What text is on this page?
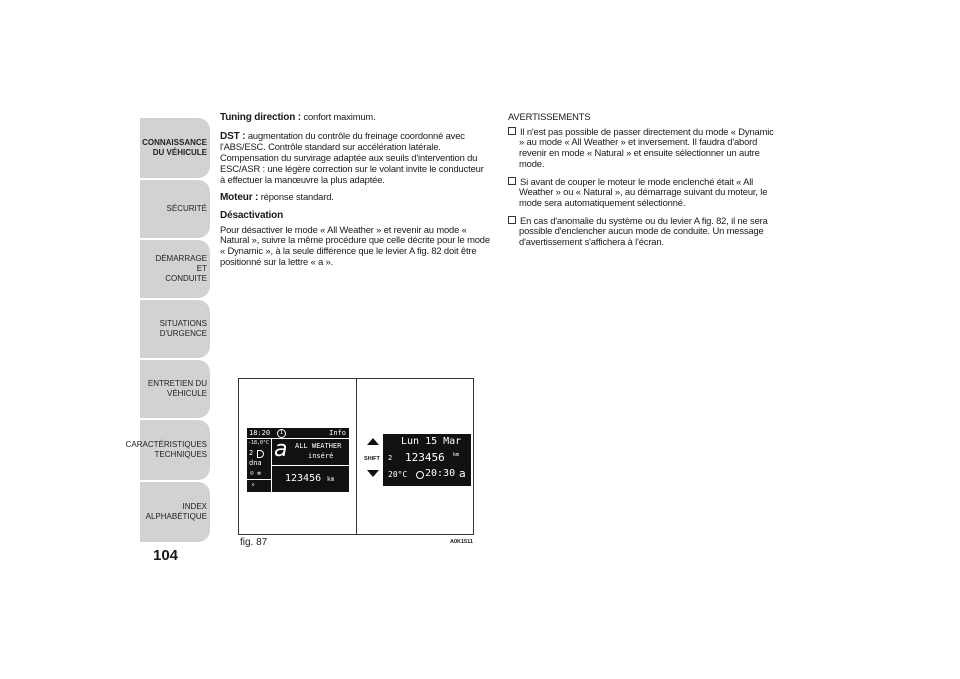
CONNAISSANCE
DU VÉHICULE
SÉCURITÉ
DÉMARRAGE ET
CONDUITE
SITUATIONS
D'URGENCE
ENTRETIEN DU
VÉHICULE
CARACTÉRISTIQUES
TECHNIQUES
INDEX
ALPHABÉTIQUE
104

Tuning direction : confort maximum.

DST : augmentation du contrôle du freinage coordonné avec l'ABS/ESC. Contrôle standard sur accélération latérale. Compensation du survirage adaptée aux seuils d'intervention du ESC/ASR : une légère correction sur le volant invite le conducteur à effectuer la manœuvre la plus adaptée.

Moteur : réponse standard.

Désactivation

Pour désactiver le mode « All Weather » et revenir au mode « Natural », suivre la même procédure que celle décrite pour le mode « Dynamic », à la seule différence que le levier A fig. 82 doit être positionné sur la lettre « a ».

AVERTISSEMENTS

Il n'est pas possible de passer directement du mode « Dynamic » au mode « All Weather » et inversement. Il faudra d'abord revenir en mode « Natural » et ensuite sélectionner un autre mode.

Si avant de couper le moteur le mode enclenché était « All Weather » ou « Natural », au démarrage suivant du moteur, le mode sera automatiquement sélectionné.

En cas d'anomalie du système ou du levier A fig. 82, il ne sera possible d'enclencher aucun mode de conduite. Un message d'avertissement s'affichera à l'écran.

18:20	1	Info
-18,0°C
2
dna
☺ ✻
a ALL WEATHER
inséré
123456 km
⚡
SHIFT
Lun 15 Mar
2 123456 km
20°C 20:30 a
fig. 87	A0K1511
